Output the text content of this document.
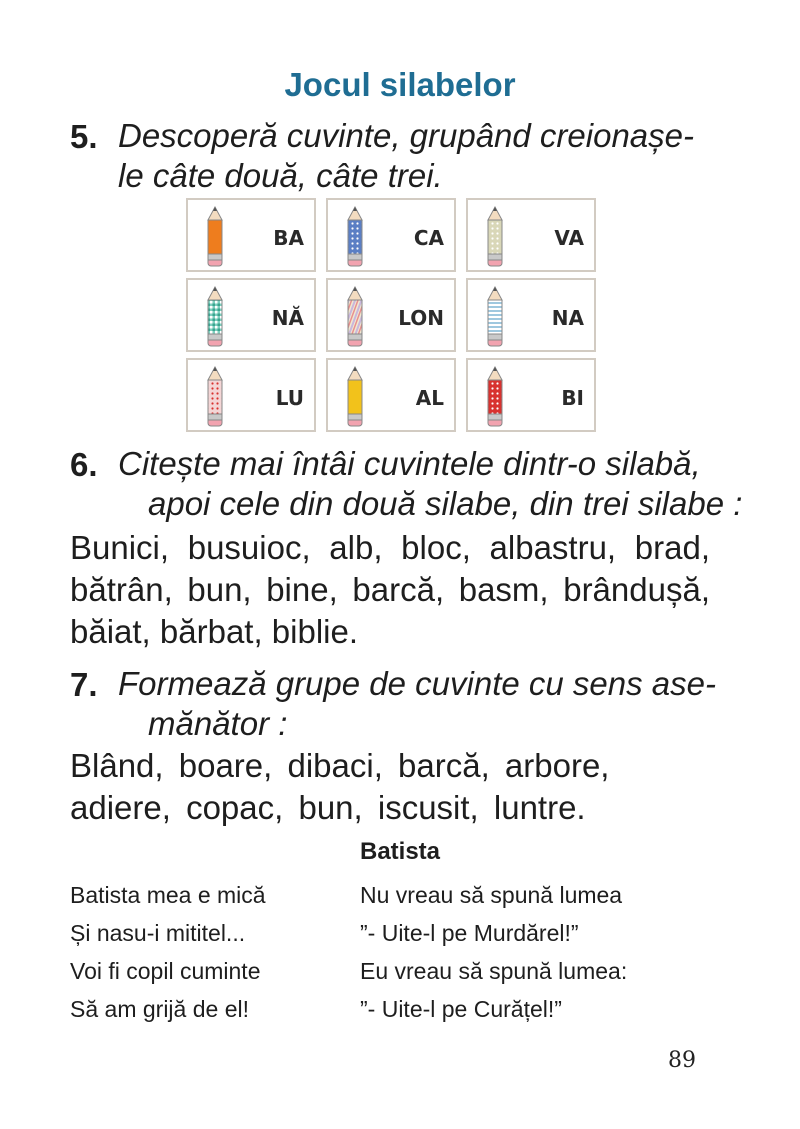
Jocul silabelor
5. Descoperă cuvinte, grupând creionașe-
le câte două, câte trei.
BA	CA	VA
NĂ	LON	NA
LU	AL	BI
6. Citește mai întâi cuvintele dintr-o silabă,
apoi cele din două silabe, din trei silabe :
Bunici, busuioc, alb, bloc, albastru, brad,
bătrân, bun, bine, barcă, basm, brândușă,
băiat, bărbat, biblie.
7. Formează grupe de cuvinte cu sens ase-
mănător :
Blând, boare, dibaci, barcă, arbore,
adiere, copac, bun, iscusit, luntre.
Batista
Batista mea e mică
Și nasu-i mititel...
Voi fi copil cuminte
Să am grijă de el!
Nu vreau să spună lumea
”- Uite-l pe Murdărel!”
Eu vreau să spună lumea:
”- Uite-l pe Curățel!”
89
